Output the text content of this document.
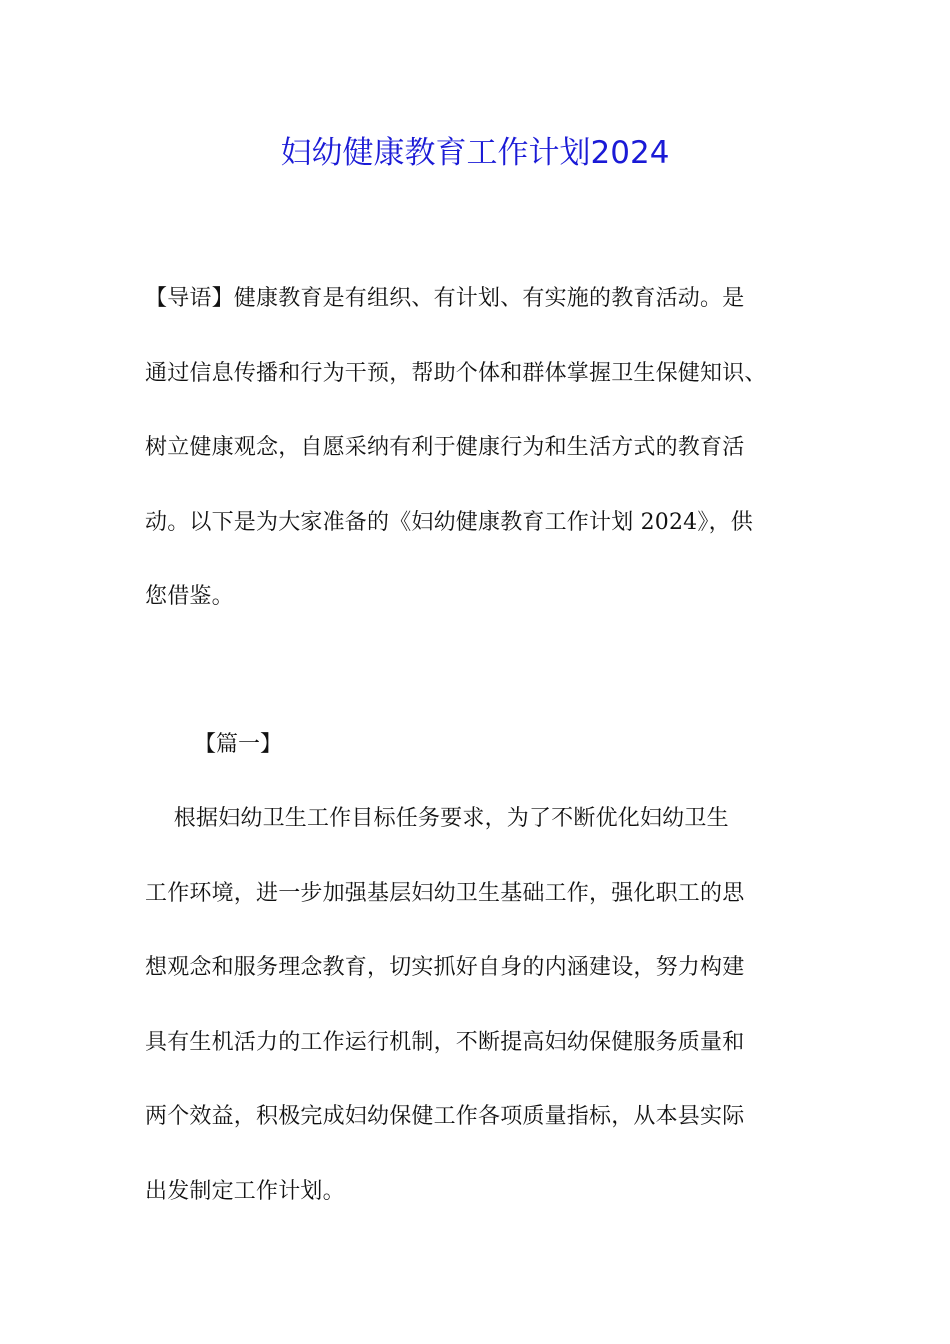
妇幼健康教育工作计划2024
【导语】健康教育是有组织、有计划、有实施的教育活动。是
通过信息传播和行为干预，帮助个体和群体掌握卫生保健知识、
树立健康观念，自愿采纳有利于健康行为和生活方式的教育活
动。以下是为大家准备的《妇幼健康教育工作计划 2024》，供
您借鉴。
【篇一】
根据妇幼卫生工作目标任务要求，为了不断优化妇幼卫生
工作环境，进一步加强基层妇幼卫生基础工作，强化职工的思
想观念和服务理念教育，切实抓好自身的内涵建设，努力构建
具有生机活力的工作运行机制，不断提高妇幼保健服务质量和
两个效益，积极完成妇幼保健工作各项质量指标，从本县实际
出发制定工作计划。
